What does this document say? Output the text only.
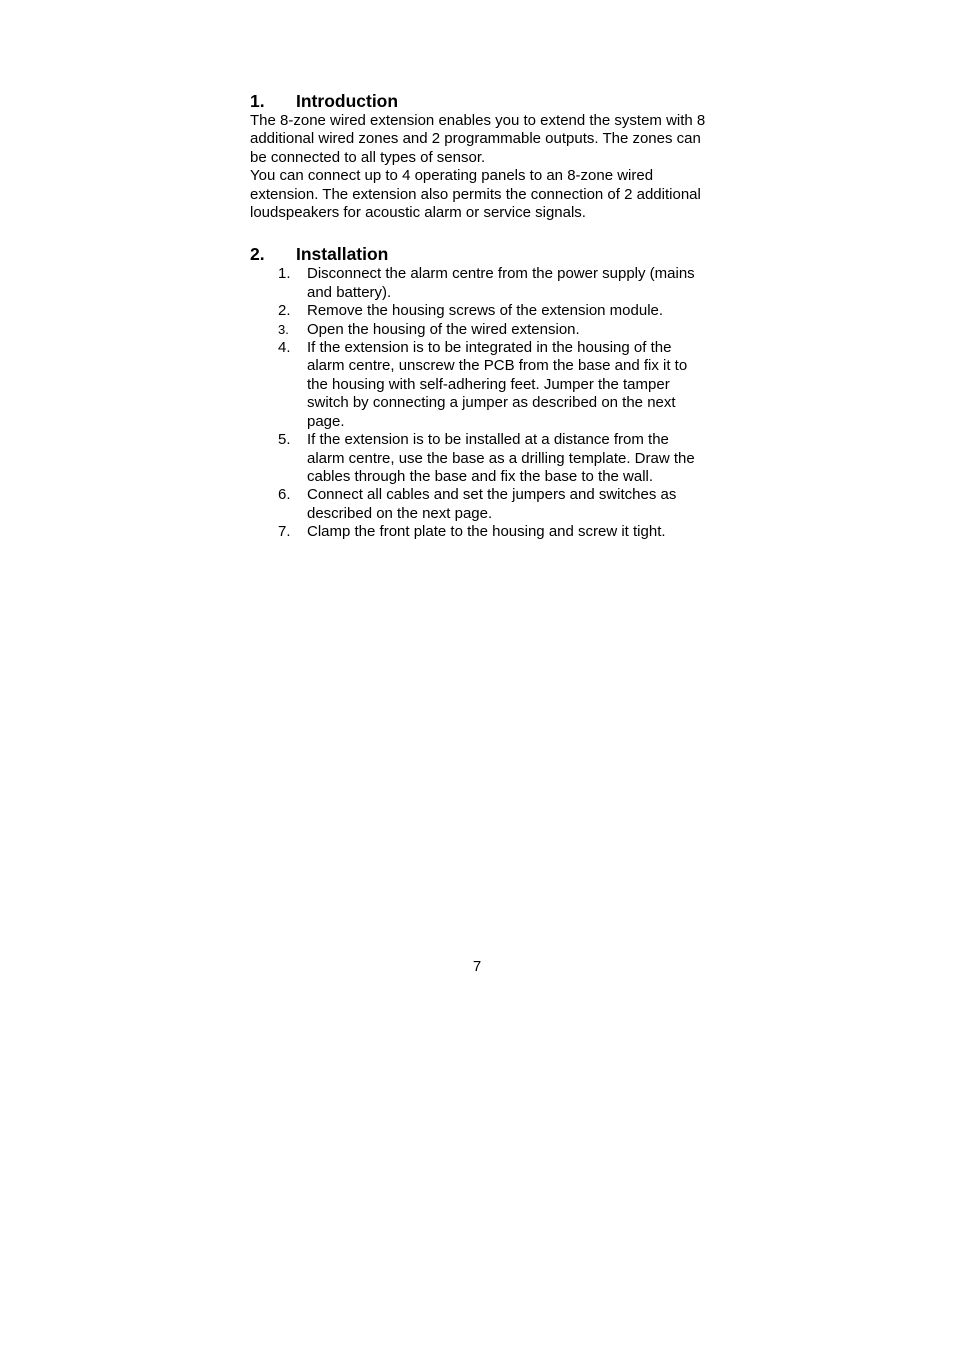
1.	Introduction

The 8-zone wired extension enables you to extend the system with 8 additional wired zones and 2 programmable outputs. The zones can be connected to all types of sensor.

You can connect up to 4 operating panels to an 8-zone wired extension. The extension also permits the connection of 2 additional loudspeakers for acoustic alarm or service signals.

2.	Installation
1.	Disconnect the alarm centre from the power supply (mains and battery).
2.	Remove the housing screws of the extension module.
3.	Open the housing of the wired extension.
4.	If the extension is to be integrated in the housing of the alarm centre, unscrew the PCB from the base and fix it to the housing with self-adhering feet. Jumper the tamper switch by connecting a jumper as described on the next page.
5.	If the extension is to be installed at a distance from the alarm centre, use the base as a drilling template. Draw the cables through the base and fix the base to the wall.
6.	Connect all cables and set the jumpers and switches as described on the next page.
7.	Clamp the front plate to the housing and screw it tight.
7
